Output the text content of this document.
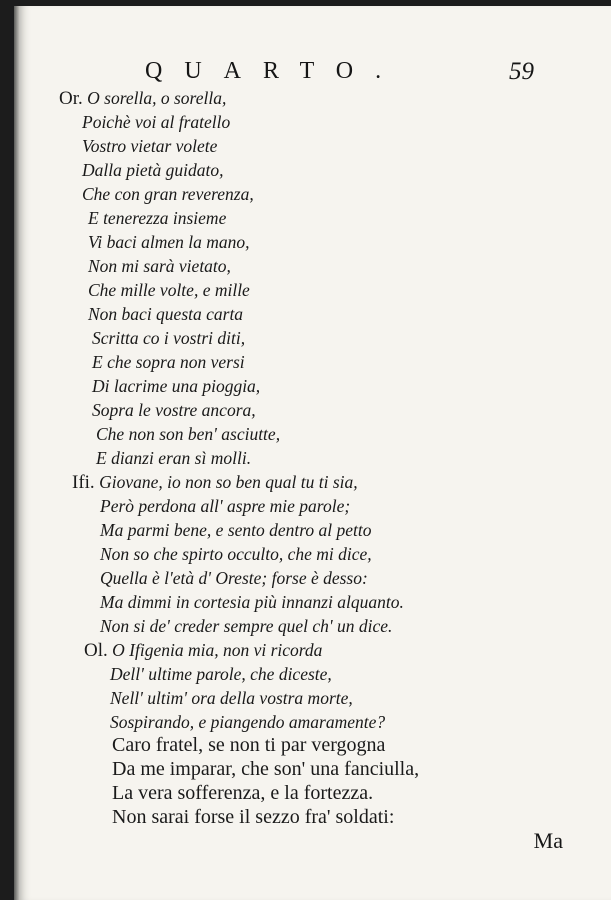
QUARTO.	59
Or. O sorella, o sorella,
Poichè voi al fratello
Vostro vietar volete
Dalla pietà guidato,
Che con gran reverenza,
E tenerezza insieme
Vi baci almen la mano,
Non mi sarà vietato,
Che mille volte, e mille
Non baci questa carta
Scritta co i vostri diti,
E che sopra non versi
Di lacrime una pioggia,
Sopra le vostre ancora,
Che non son ben' asciutte,
E dianzi eran sì molli.
Ifi. Giovane, io non so ben qual tu ti sia,
Però perdona all' aspre mie parole;
Ma parmi bene, e sento dentro al petto
Non so che spirto occulto, che mi dice,
Quella è l'età d' Oreste; forse è desso:
Ma dimmi in cortesia più innanzi alquanto.
Non si de' creder sempre quel ch' un dice.
Ol. O Ifigenia mia, non vi ricorda
Dell' ultime parole, che diceste,
Nell' ultim' ora della vostra morte,
Sospirando, e piangendo amaramente?
Caro fratel, se non ti par vergogna
Da me imparar, che son' una fanciulla,
La vera sofferenza, e la fortezza.
Non sarai forse il sezzo fra' soldati:
Ma
